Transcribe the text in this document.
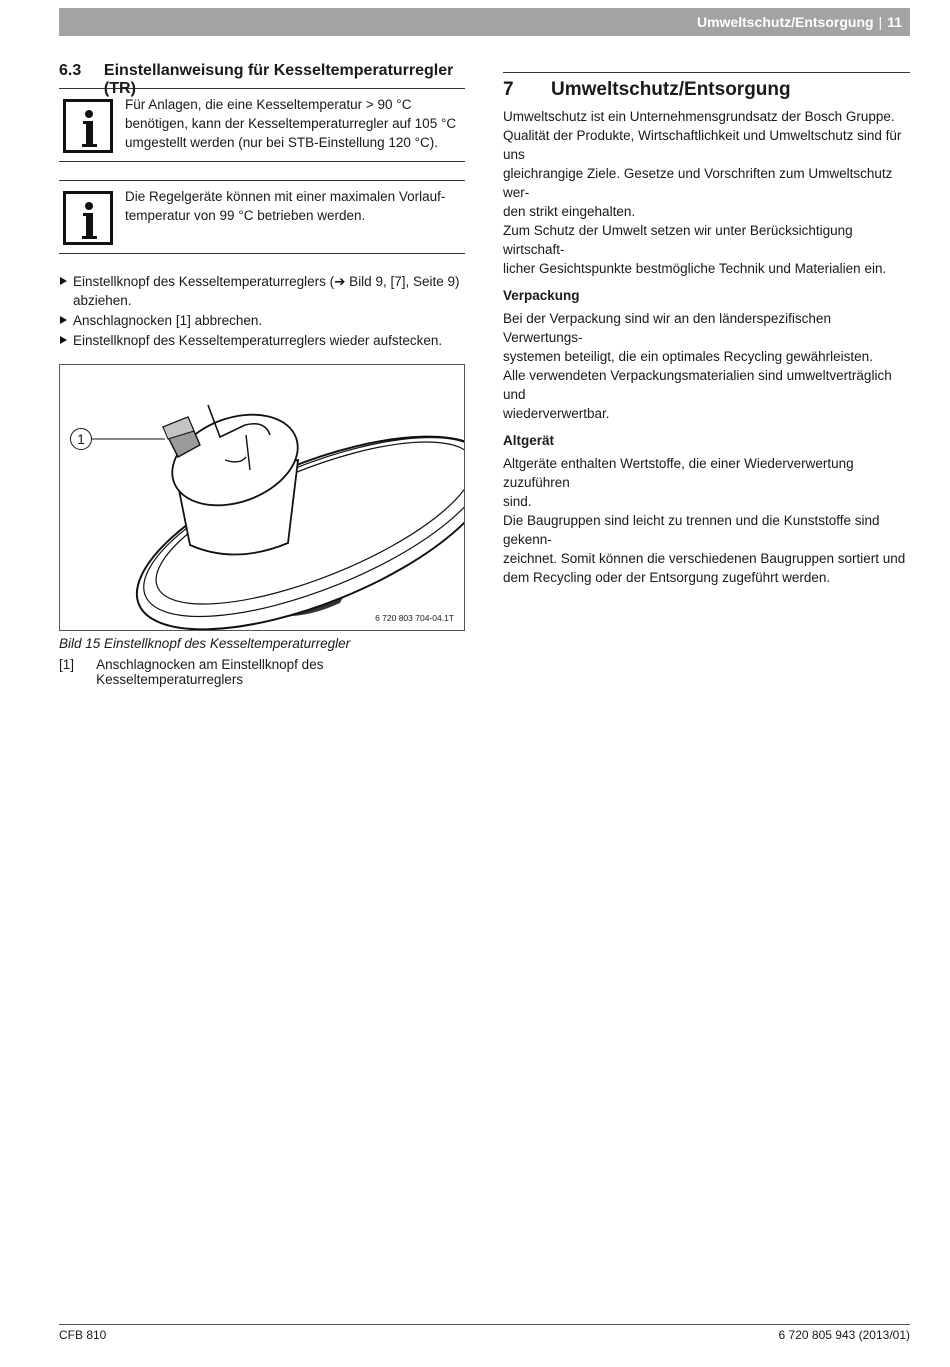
Umweltschutz/Entsorgung | 11
6.3	Einstellanweisung für Kesseltemperaturregler (TR)
Für Anlagen, die eine Kesseltemperatur > 90 °C
benötigen, kann der Kesseltemperaturregler auf 105 °C
umgestellt werden (nur bei STB-Einstellung 120 °C).
Die Regelgeräte können mit einer maximalen Vorlauf-
temperatur von 99 °C betrieben werden.
Einstellknopf des Kesseltemperaturreglers (➔ Bild 9, [7], Seite 9)
abziehen.
Anschlagnocken [1] abbrechen.
Einstellknopf des Kesseltemperaturreglers wieder aufstecken.
1
6 720 803 704-04.1T
Bild 15 Einstellknopf des Kesseltemperaturregler
[1]	Anschlagnocken am Einstellknopf des Kesseltemperaturreglers
7	Umweltschutz/Entsorgung

Umweltschutz ist ein Unternehmensgrundsatz der Bosch Gruppe.

Qualität der Produkte, Wirtschaftlichkeit und Umweltschutz sind für uns

gleichrangige Ziele. Gesetze und Vorschriften zum Umweltschutz wer-

den strikt eingehalten.

Zum Schutz der Umwelt setzen wir unter Berücksichtigung wirtschaft-

licher Gesichtspunkte bestmögliche Technik und Materialien ein.

Verpackung

Bei der Verpackung sind wir an den länderspezifischen Verwertungs-

systemen beteiligt, die ein optimales Recycling gewährleisten.

Alle verwendeten Verpackungsmaterialien sind umweltverträglich und

wiederverwertbar.

Altgerät

Altgeräte enthalten Wertstoffe, die einer Wiederverwertung zuzuführen

sind.

Die Baugruppen sind leicht zu trennen und die Kunststoffe sind gekenn-

zeichnet. Somit können die verschiedenen Baugruppen sortiert und

dem Recycling oder der Entsorgung zugeführt werden.

CFB 810	6 720 805 943 (2013/01)
